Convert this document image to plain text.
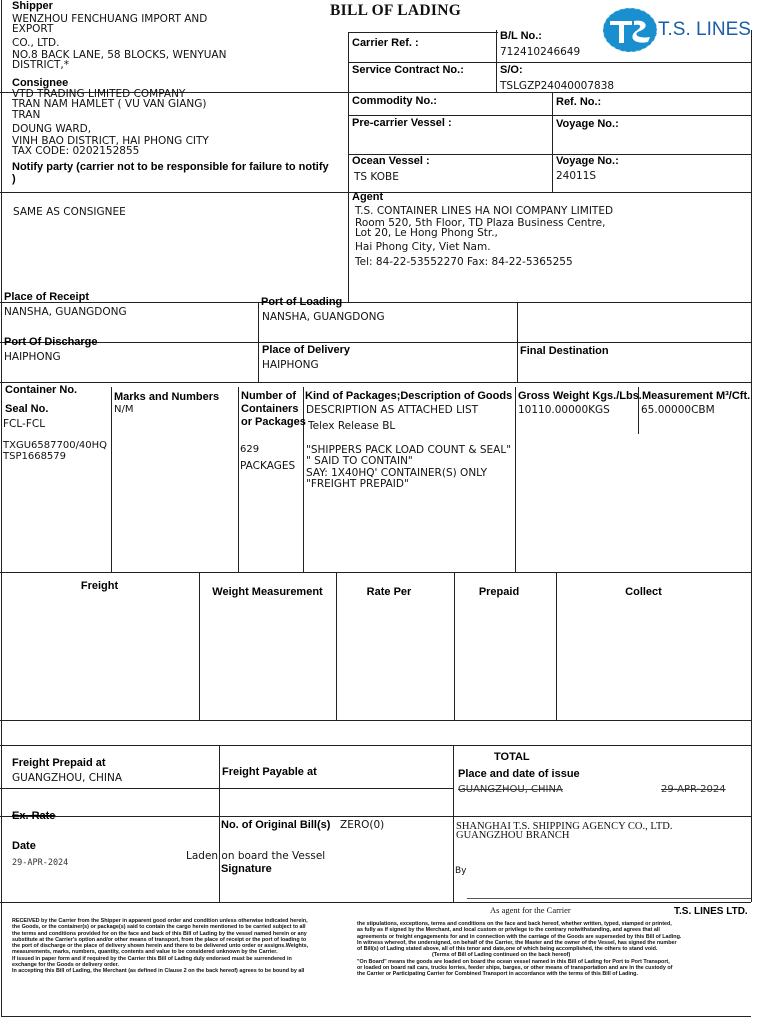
BILL OF LADING
T.S. LINES
Shipper
WENZHOU FENCHUANG IMPORT AND
EXPORT
CO., LTD.
NO.8 BACK LANE, 58 BLOCKS, WENYUAN
DISTRICT,*
Consignee
VTD TRADING LIMITED COMPANY
TRAN NAM HAMLET ( VU VAN GIANG)
TRAN
DOUNG WARD,
VINH BAO DISTRICT, HAI PHONG CITY
TAX CODE: 0202152855
Notify party (carrier not to be responsible for failure to notify
)
SAME AS CONSIGNEE
Carrier Ref. :
B/L No.:
712410246649
Service Contract No.:	S/O:
TSLGZP24040007838
Commodity No.:	Ref. No.:
Pre-carrier Vessel :	Voyage No.:
Ocean Vessel :
TS KOBE
Voyage No.:
24011S
Agent
T.S. CONTAINER LINES HA NOI COMPANY LIMITED
Room 520, 5th Floor, TD Plaza Business Centre,
Lot 20, Le Hong Phong Str.,
Hai Phong City, Viet Nam.
Tel: 84-22-53552270 Fax: 84-22-5365255
Place of Receipt
NANSHA, GUANGDONG
Port of Loading
NANSHA, GUANGDONG
Port Of Discharge
HAIPHONG
Place of Delivery
HAIPHONG
Final Destination
Container No.
Seal No.
FCL-FCL
TXGU6587700/40HQ
TSP1668579
Marks and Numbers
N/M
Number of
Containers
or Packages
629
PACKAGES
Kind of Packages;Description of Goods
DESCRIPTION AS ATTACHED LIST
Telex Release BL
"SHIPPERS PACK LOAD COUNT & SEAL"
" SAID TO CONTAIN"
SAY: 1X40HQ' CONTAINER(S) ONLY
"FREIGHT PREPAID"
Gross Weight Kgs./Lbs.
10110.00000KGS
Measurement M³/Cft.
65.00000CBM
Freight	Weight Measurement	Rate Per	Prepaid	Collect
Freight Prepaid at
GUANGZHOU, CHINA	Freight Payable at
TOTAL
Place and date of issue
GUANGZHOU, CHINA	29-APR-2024
Ex. Rate
No. of Original Bill(s) ZERO(0)	SHANGHAI T.S. SHIPPING AGENCY CO., LTD.
GUANGZHOU BRANCH
Date
29-APR-2024
Laden on board the Vessel
Signature	By
As agent for the Carrier	T.S. LINES LTD.
RECEIVED by the Carrier from the Shipper in apparent good order and condition unless otherwise indicated herein,
the Goods, or the container(s) or package(s) said to contain the cargo herein mentioned to be carried subject to all
the terms and conditions provided for on the face and back of this Bill of Lading by the vessel named herein or any
substitute at the Carrier's option and/or other means of transport, from the place of receipt or the port of loading to
the port of discharge or the place of delivery shown herein and there to be delivered unto order or assigns.Weights,
measurements, marks, numbers, quantity, contents and value to be considered unknown by the Carrier.
If issued in paper form and if required by the Carrier this Bill of Lading duly endorsed must be surrendered in
exchange for the Goods or delivery order.
In accepting this Bill of Lading, the Merchant (as defined in Clause 2 on the back hereof) agrees to be bound by all
the stipulations, exceptions, terms and conditions on the face and back hereof, whether written, typed, stamped or printed,
as fully as if signed by the Merchant, and local custom or privilege to the contrary notwithstanding, and agrees that all
agreements or freight engagements for and in connection with the carriage of the Goods are superseded by this Bill of Lading.
In witness whereof, the undersigned, on behalf of the Carrier, the Master and the owner of the Vessel, has signed the number
of Bill(s) of Lading stated above, all of this tenor and date,one of which being accomplished, the others to stand void.
(Terms of Bill of Lading continued on the back hereof)
"On Board" means the goods are loaded on board the ocean vessel named in this Bill of Lading for Port to Port Transport,
or loaded on board rail cars, trucks lorries, feeder ships, barges, or other means of transportation and are in the custody of
the Carrier or Participating Carrier for Combined Transport in accordance with the terms of this Bill of Lading.
